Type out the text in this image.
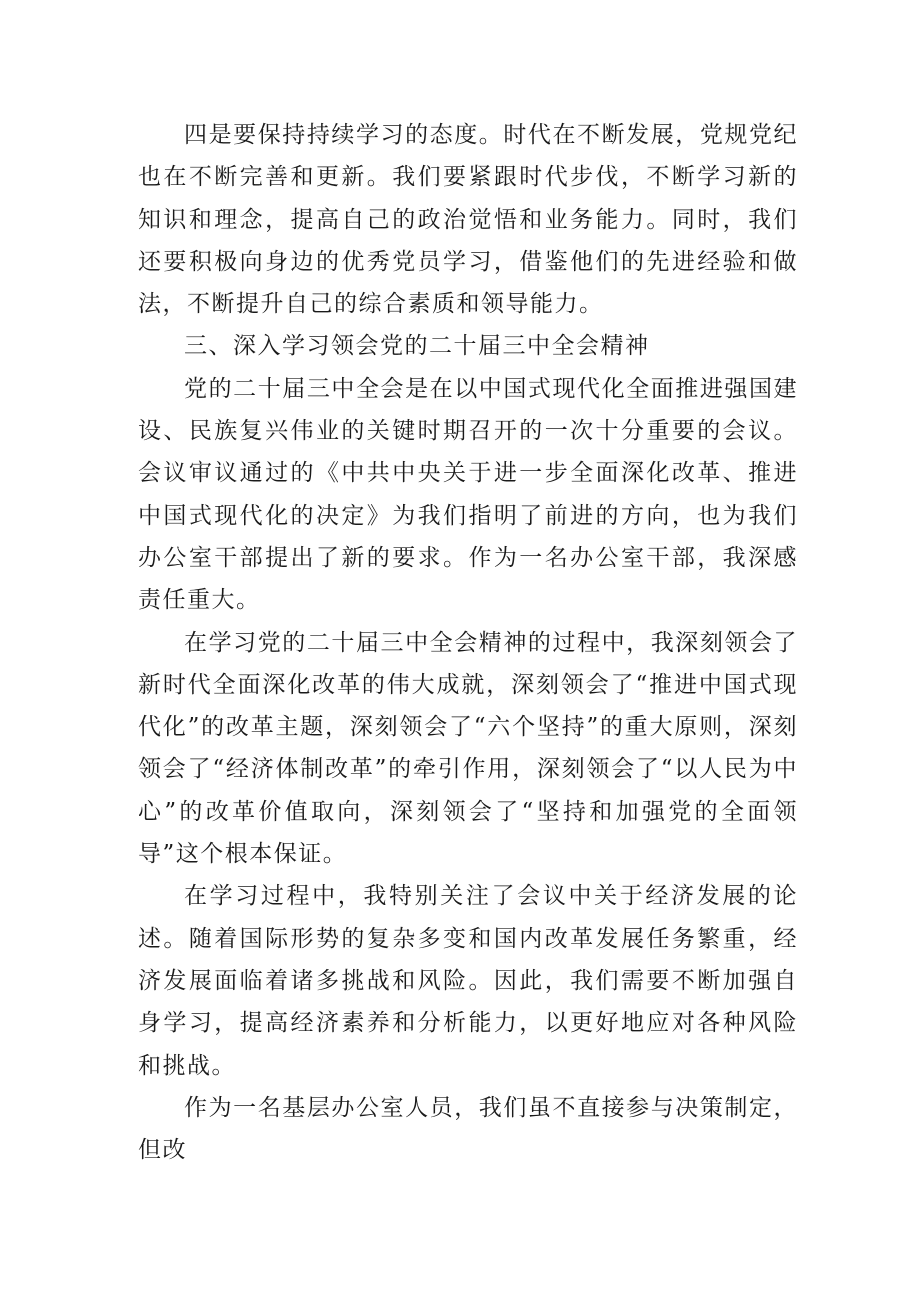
四是要保持持续学习的态度。时代在不断发展，党规党纪也在不断完善和更新。我们要紧跟时代步伐，不断学习新的知识和理念，提高自己的政治觉悟和业务能力。同时，我们还要积极向身边的优秀党员学习，借鉴他们的先进经验和做法，不断提升自己的综合素质和领导能力。

三、深入学习领会党的二十届三中全会精神

党的二十届三中全会是在以中国式现代化全面推进强国建设、民族复兴伟业的关键时期召开的一次十分重要的会议。会议审议通过的《中共中央关于进一步全面深化改革、推进中国式现代化的决定》为我们指明了前进的方向，也为我们办公室干部提出了新的要求。作为一名办公室干部，我深感责任重大。

在学习党的二十届三中全会精神的过程中，我深刻领会了新时代全面深化改革的伟大成就，深刻领会了“推进中国式现代化”的改革主题，深刻领会了“六个坚持”的重大原则，深刻领会了“经济体制改革”的牵引作用，深刻领会了“以人民为中心”的改革价值取向，深刻领会了“坚持和加强党的全面领导”这个根本保证。

在学习过程中，我特别关注了会议中关于经济发展的论述。随着国际形势的复杂多变和国内改革发展任务繁重，经济发展面临着诸多挑战和风险。因此，我们需要不断加强自身学习，提高经济素养和分析能力，以更好地应对各种风险和挑战。

作为一名基层办公室人员，我们虽不直接参与决策制定，但改
